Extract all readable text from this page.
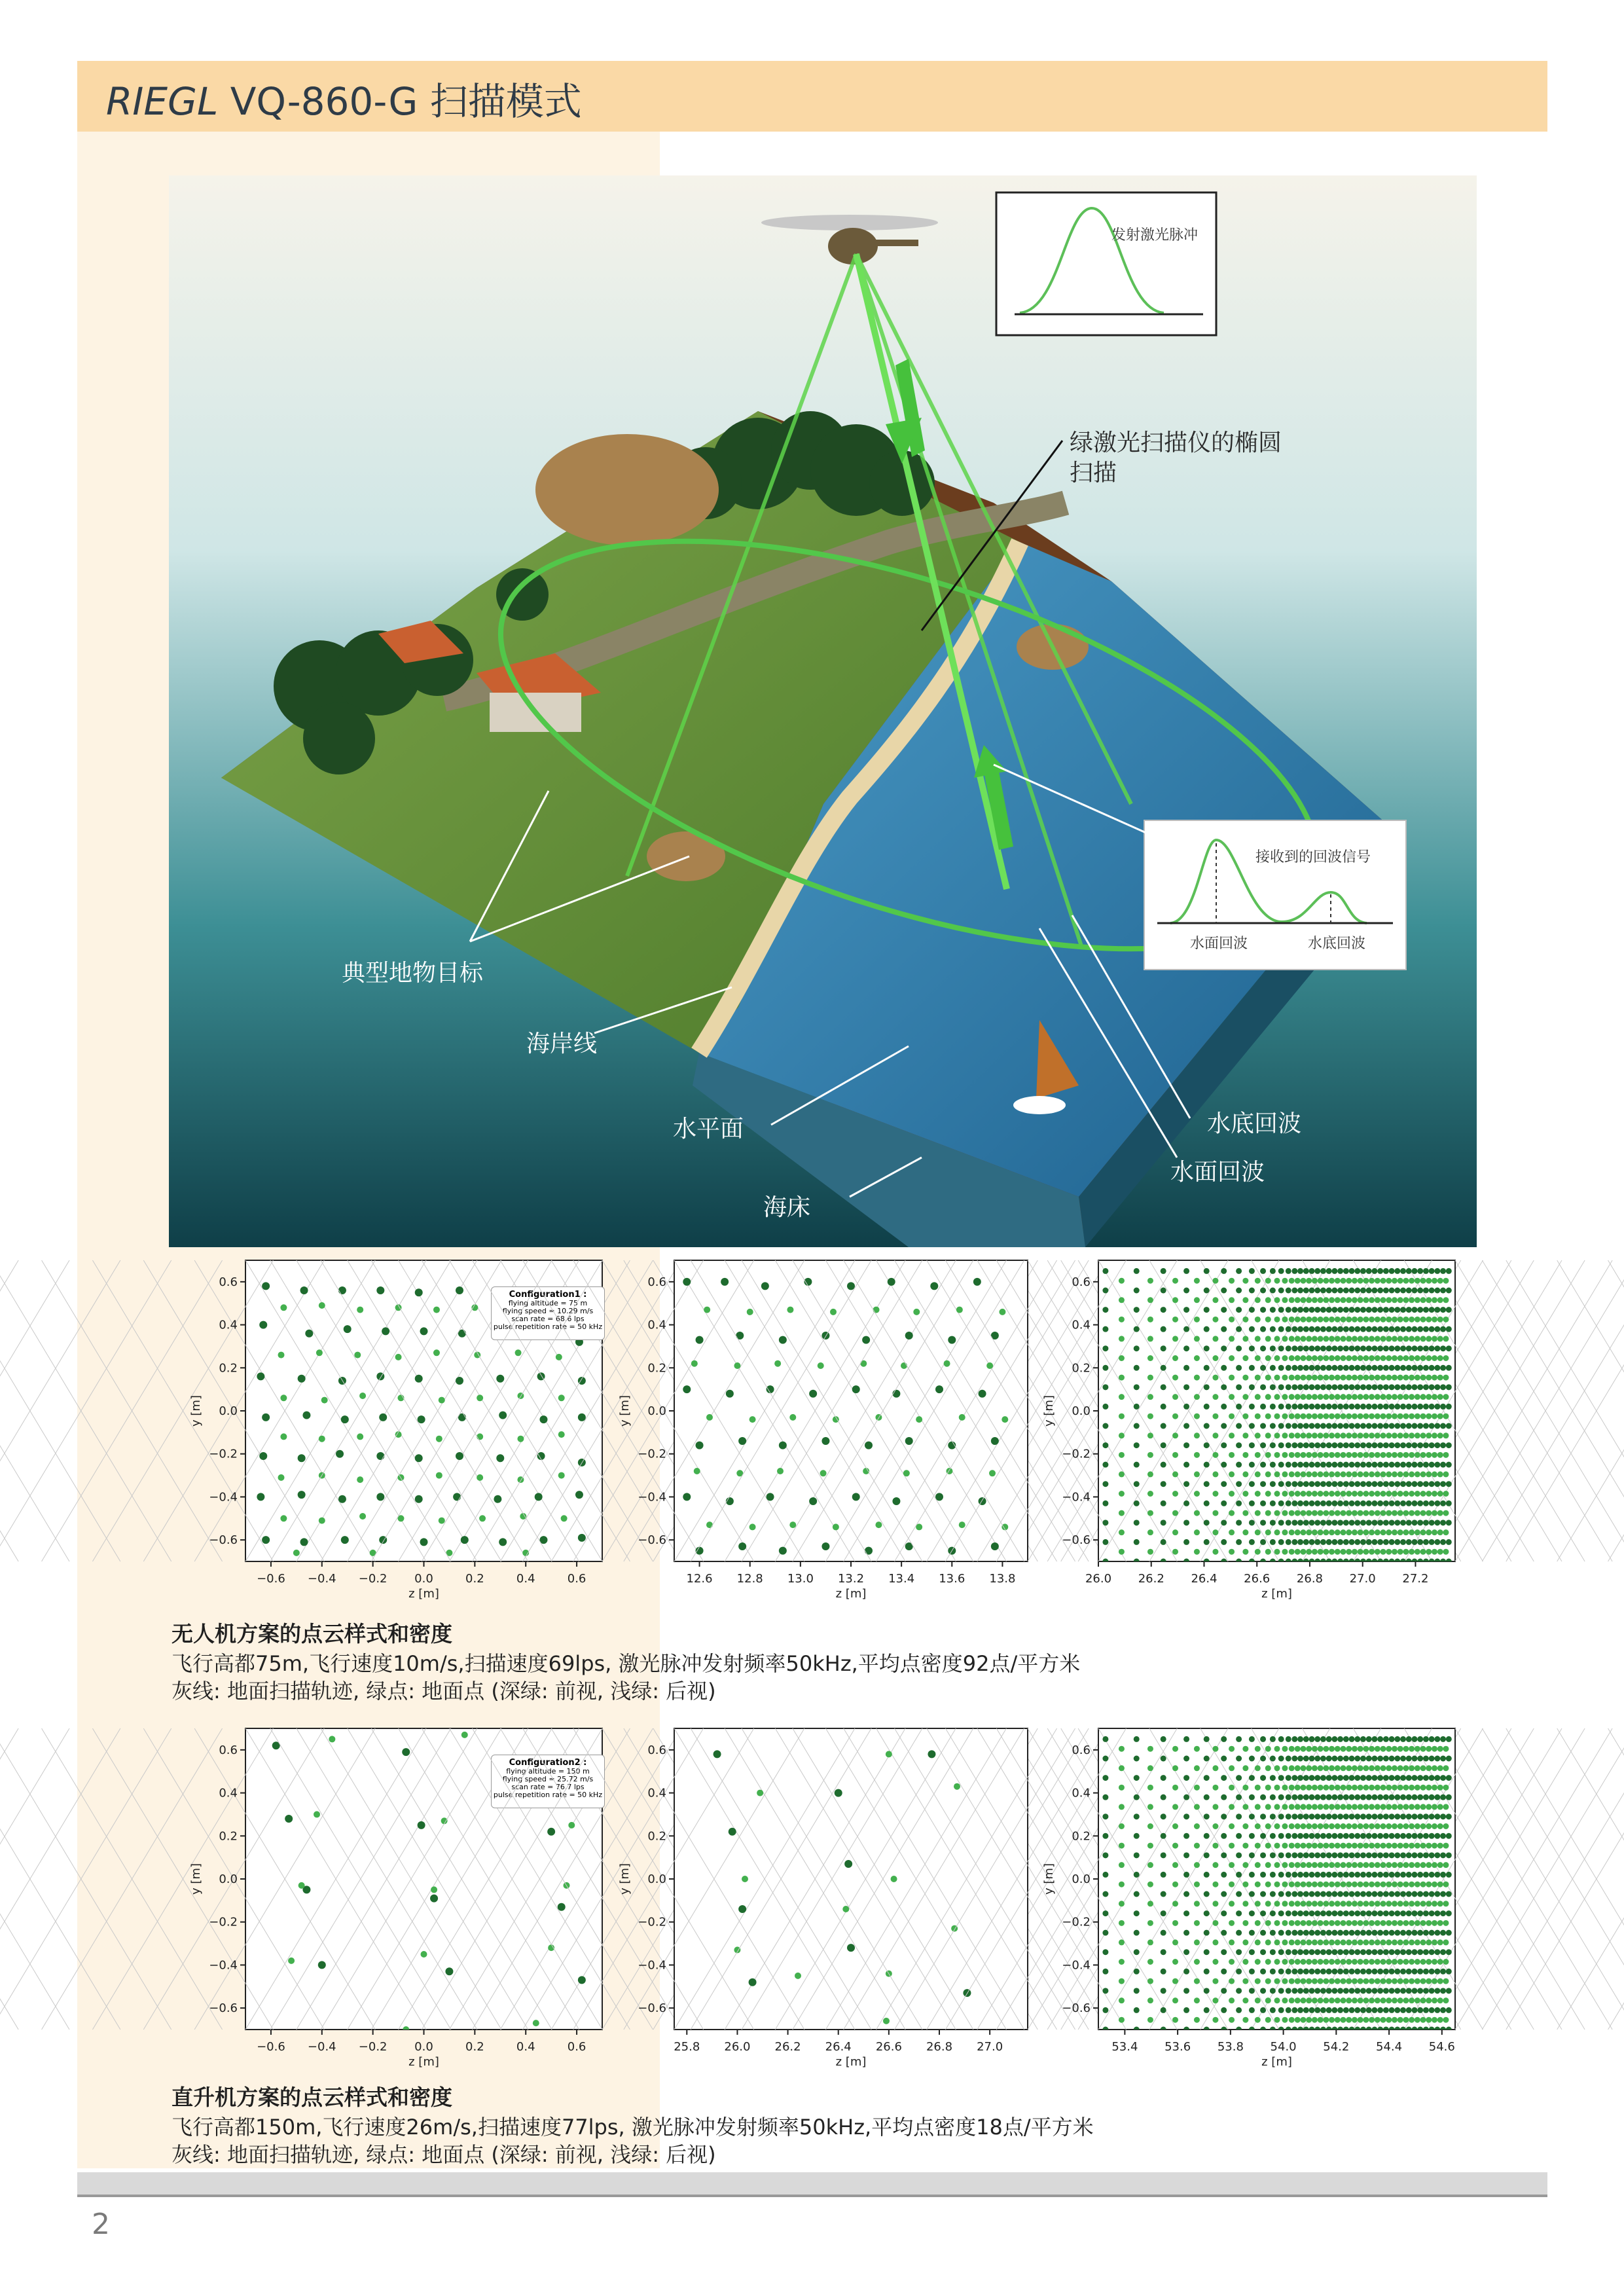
RIEGL VQ-860-G 扫描模式
发射激光脉冲
接收到的回波信号
水面回波	水底回波
绿激光扫描仪的椭圆
扫描
典型地物目标
海岸线
水平面
海床
水底回波
水面回波
−0.6 −0.4 −0.2 0.0	0.2	0.4	0.6
0.6
0.4
0.2
0.0
−0.2
−0.4
−0.6
z [m]
y [m]
Configuration1 :
flying altitude = 75 m
flying speed = 10.29 m/s
scan rate = 68.6 lps
pulse repetition rate = 50 kHz
12.6 12.8 13.0 13.2 13.4 13.6 13.8
0.6
0.4
0.2
0.0
−0.2
−0.4
−0.6
z [m]
y [m]
26.0 26.2 26.4 26.6 26.8 27.0 27.2
0.6
0.4
0.2
0.0
−0.2
−0.4
−0.6
z [m]
y [m]
无人机方案的点云样式和密度
飞行高都75m,飞行速度10m/s,扫描速度69lps, 激光脉冲发射频率50kHz,平均点密度92点/平方米
灰线: 地面扫描轨迹, 绿点: 地面点 (深绿: 前视, 浅绿: 后视)
−0.6 −0.4 −0.2 0.0	0.2	0.4	0.6
0.6
0.4
0.2
0.0
−0.2
−0.4
−0.6
z [m]
y [m]
Configuration2 :
flying altitude = 150 m
flying speed = 25.72 m/s
scan rate = 76.7 lps
pulse repetition rate = 50 kHz
25.8 26.0 26.2 26.4 26.6 26.8 27.0
0.6
0.4
0.2
0.0
−0.2
−0.4
−0.6
z [m]
y [m]
53.4 53.6 53.8 54.0 54.2 54.4 54.6
0.6
0.4
0.2
0.0
−0.2
−0.4
−0.6
z [m]
y [m]
直升机方案的点云样式和密度
飞行高都150m,飞行速度26m/s,扫描速度77lps, 激光脉冲发射频率50kHz,平均点密度18点/平方米
灰线: 地面扫描轨迹, 绿点: 地面点 (深绿: 前视, 浅绿: 后视)
2
